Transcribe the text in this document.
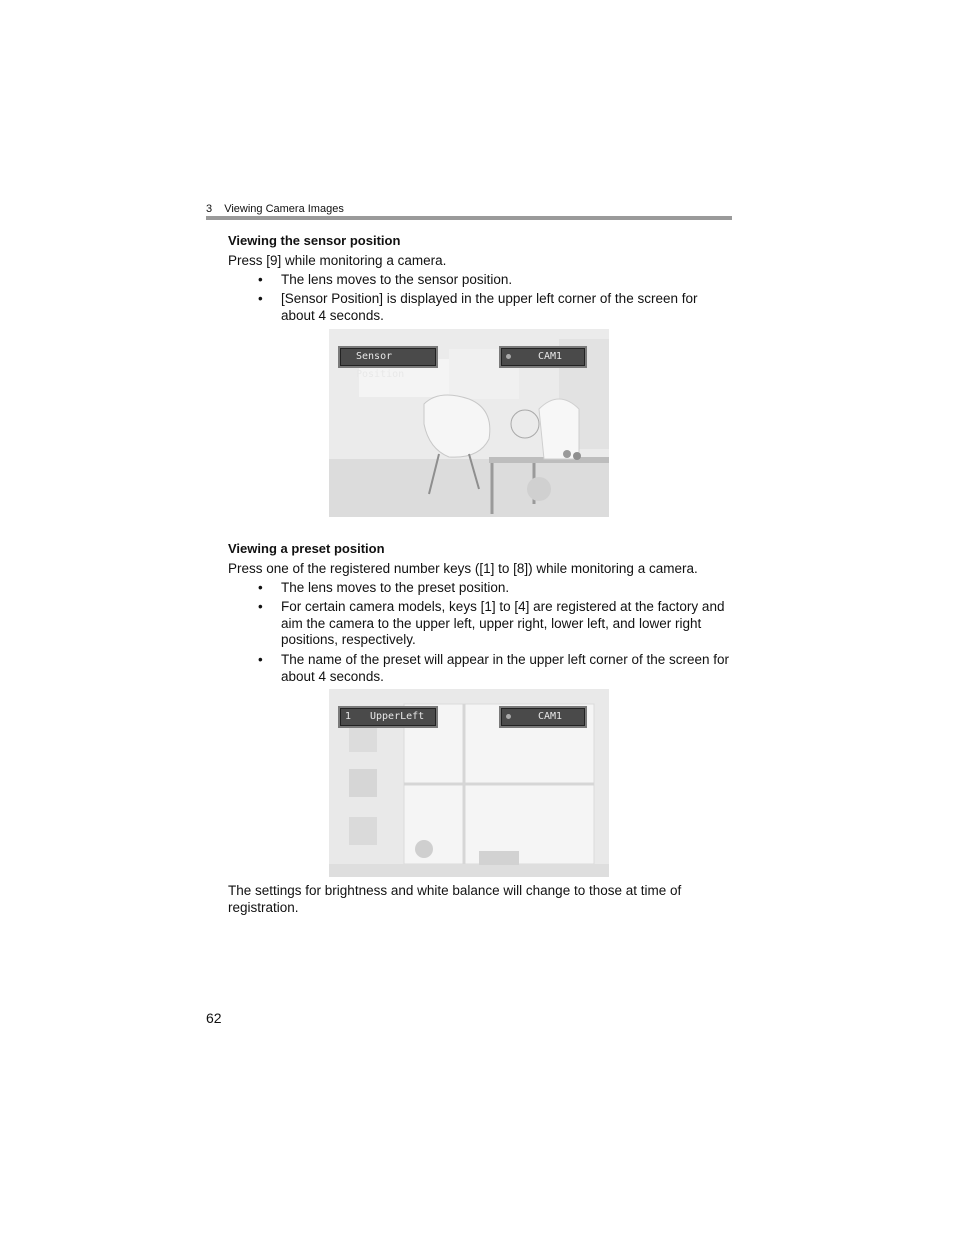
3 Viewing Camera Images
Viewing the sensor position
Press [9] while monitoring a camera.
• The lens moves to the sensor position.
• [Sensor Position] is displayed in the upper left corner of the screen for about 4 seconds.
Sensor Position
CAM1
Viewing a preset position
Press one of the registered number keys ([1] to [8]) while monitoring a camera.
• The lens moves to the preset position.
• For certain camera models, keys [1] to [4] are registered at the factory and aim the camera to the upper left, upper right, lower left, and lower right positions, respectively.
• The name of the preset will appear in the upper left corner of the screen for about 4 seconds.
1 UpperLeft	CAM1
The settings for brightness and white balance will change to those at time of registration.
62
